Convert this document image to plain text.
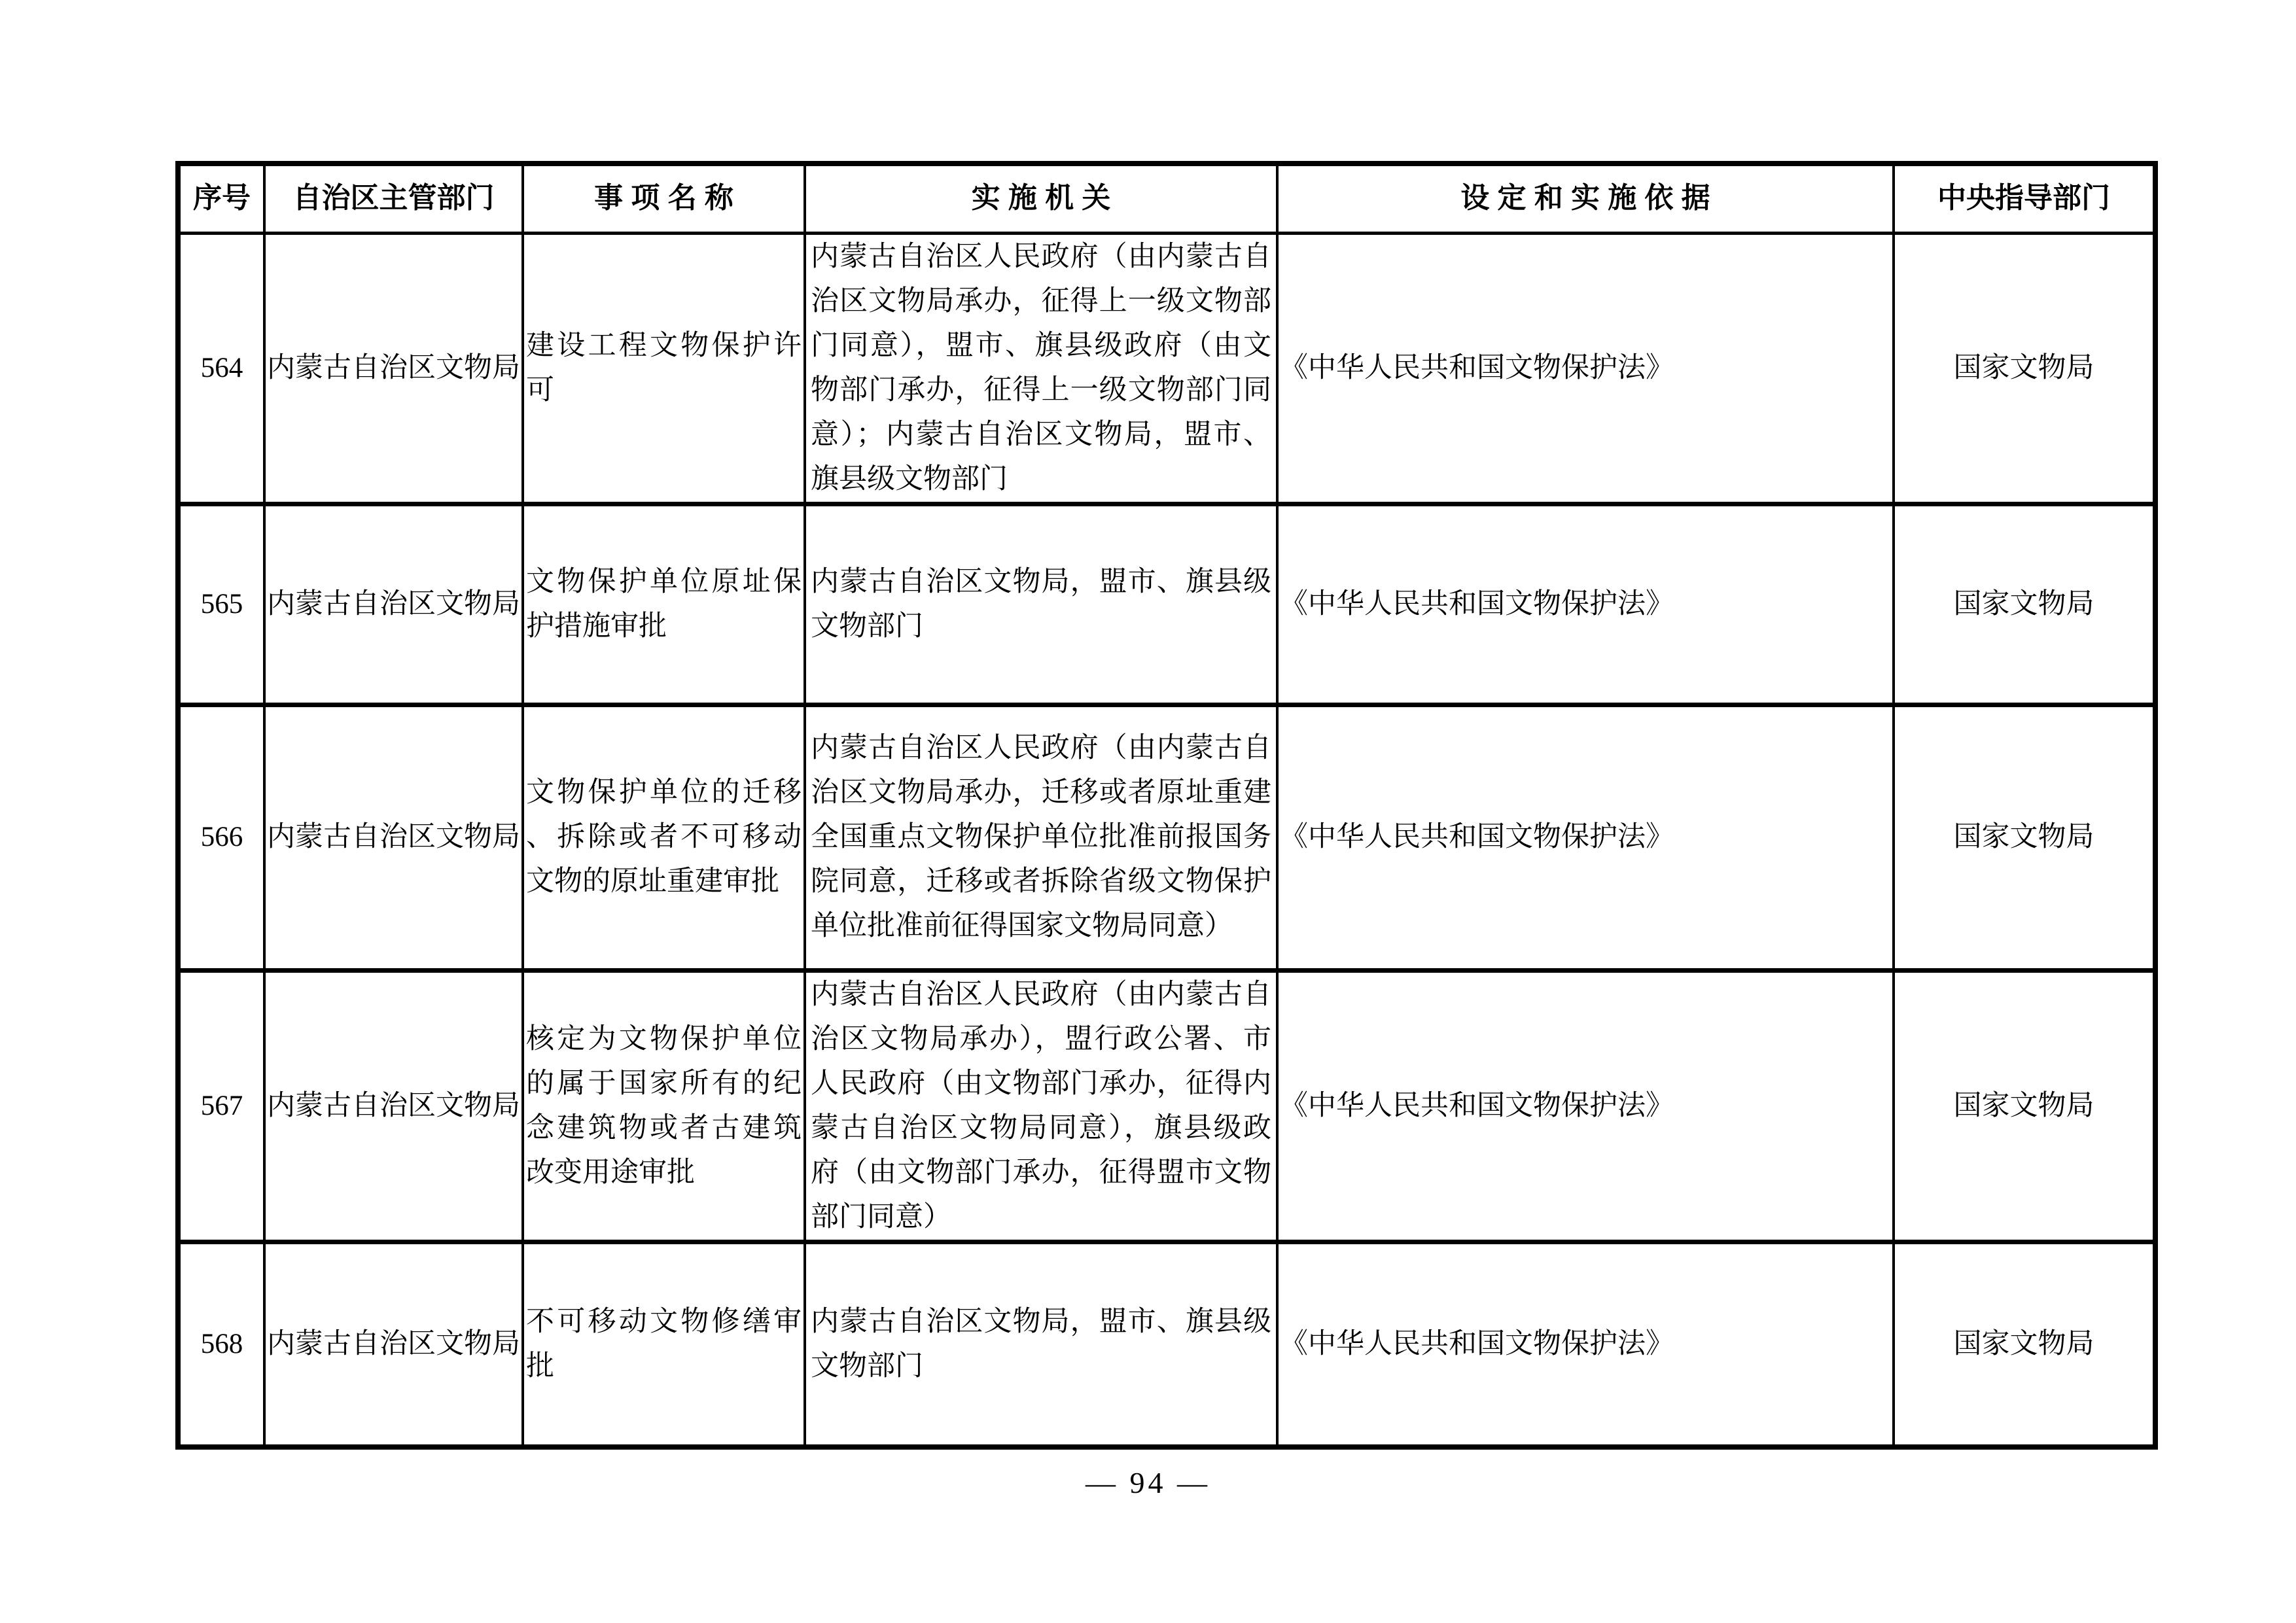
序号	自治区主管部门	事 项 名 称	实 施 机 关	设 定 和 实 施 依 据	中央指导部门
564	内蒙古自治区文物局	建设工程文物保护许可	内蒙古自治区人民政府（由内蒙古自治区文物局承办，征得上一级文物部门同意），盟市、旗县级政府（由文物部门承办，征得上一级文物部门同意）；内蒙古自治区文物局，盟市、旗县级文物部门	《中华人民共和国文物保护法》	国家文物局
565	内蒙古自治区文物局	文物保护单位原址保护措施审批	内蒙古自治区文物局，盟市、旗县级文物部门	《中华人民共和国文物保护法》	国家文物局
566	内蒙古自治区文物局	文物保护单位的迁移、拆除或者不可移动文物的原址重建审批	内蒙古自治区人民政府（由内蒙古自治区文物局承办，迁移或者原址重建全国重点文物保护单位批准前报国务院同意，迁移或者拆除省级文物保护单位批准前征得国家文物局同意）	《中华人民共和国文物保护法》	国家文物局
567	内蒙古自治区文物局	核定为文物保护单位的属于国家所有的纪念建筑物或者古建筑改变用途审批	内蒙古自治区人民政府（由内蒙古自治区文物局承办），盟行政公署、市人民政府（由文物部门承办，征得内蒙古自治区文物局同意），旗县级政府（由文物部门承办，征得盟市文物部门同意）	《中华人民共和国文物保护法》	国家文物局
568	内蒙古自治区文物局	不可移动文物修缮审批	内蒙古自治区文物局，盟市、旗县级文物部门	《中华人民共和国文物保护法》	国家文物局
— 94 —
